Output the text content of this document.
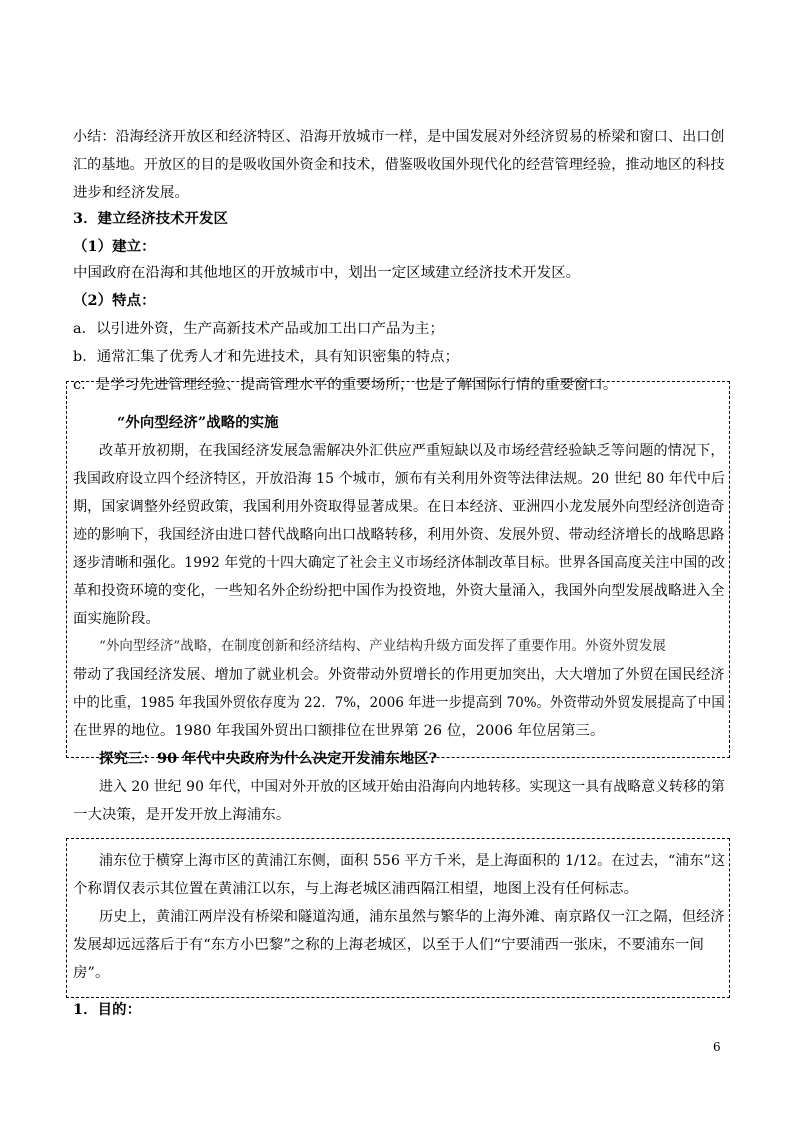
小结：沿海经济开放区和经济特区、沿海开放城市一样，是中国发展对外经济贸易的桥梁和窗口、出口创
汇的基地。开放区的目的是吸收国外资金和技术，借鉴吸收国外现代化的经营管理经验，推动地区的科技
进步和经济发展。
3．建立经济技术开发区
（1）建立：
中国政府在沿海和其他地区的开放城市中，划出一定区域建立经济技术开发区。
（2）特点：
a．以引进外资，生产高新技术产品或加工出口产品为主；
b．通常汇集了优秀人才和先进技术，具有知识密集的特点；
c．是学习先进管理经验、提高管理水平的重要场所，也是了解国际行情的重要窗口。
“外向型经济”战略的实施
改革开放初期，在我国经济发展急需解决外汇供应严重短缺以及市场经营经验缺乏等问题的情况下，
我国政府设立四个经济特区，开放沿海 15 个城市，颁布有关利用外资等法律法规。20 世纪 80 年代中后
期，国家调整外经贸政策，我国利用外资取得显著成果。在日本经济、亚洲四小龙发展外向型经济创造奇
迹的影响下，我国经济由进口替代战略向出口战略转移，利用外资、发展外贸、带动经济增长的战略思路
逐步清晰和强化。1992 年党的十四大确定了社会主义市场经济体制改革目标。世界各国高度关注中国的改
革和投资环境的变化，一些知名外企纷纷把中国作为投资地，外资大量涌入，我国外向型发展战略进入全
面实施阶段。
“外向型经济”战略，在制度创新和经济结构、产业结构升级方面发挥了重要作用。外资外贸发展
带动了我国经济发展、增加了就业机会。外资带动外贸增长的作用更加突出，大大增加了外贸在国民经济
中的比重，1985 年我国外贸依存度为 22．7%，2006 年进一步提高到 70%。外资带动外贸发展提高了中国
在世界的地位。1980 年我国外贸出口额排位在世界第 26 位，2006 年位居第三。
探究三：90 年代中央政府为什么决定开发浦东地区?
进入 20 世纪 90 年代，中国对外开放的区域开始由沿海向内地转移。实现这一具有战略意义转移的第
一大决策，是开发开放上海浦东。
浦东位于横穿上海市区的黄浦江东侧，面积 556 平方千米，是上海面积的 1/12。在过去，“浦东”这
个称谓仅表示其位置在黄浦江以东，与上海老城区浦西隔江相望，地图上没有任何标志。
历史上，黄浦江两岸没有桥梁和隧道沟通，浦东虽然与繁华的上海外滩、南京路仅一江之隔，但经济
发展却远远落后于有“东方小巴黎”之称的上海老城区，以至于人们“宁要浦西一张床，不要浦东一间
房”。
1．目的：
6
